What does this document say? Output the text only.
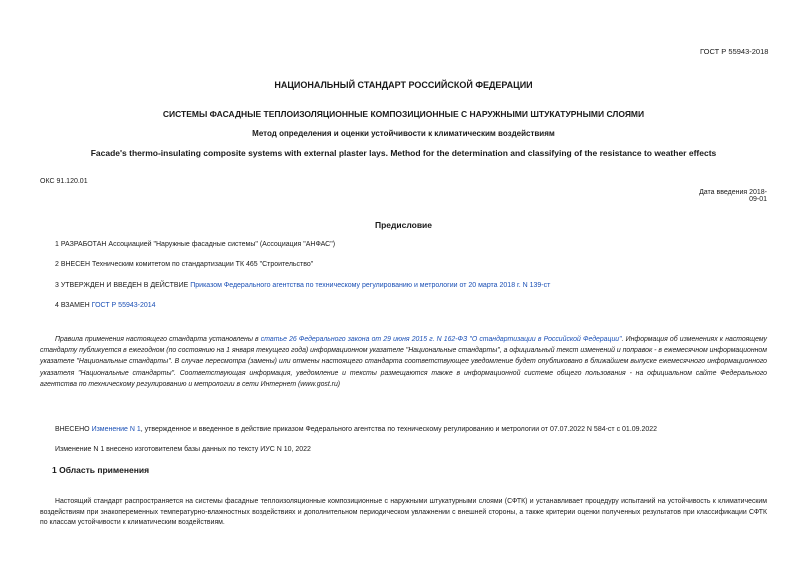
ГОСТ Р 55943-2018
НАЦИОНАЛЬНЫЙ СТАНДАРТ РОССИЙСКОЙ ФЕДЕРАЦИИ
СИСТЕМЫ ФАСАДНЫЕ ТЕПЛОИЗОЛЯЦИОННЫЕ КОМПОЗИЦИОННЫЕ С НАРУЖНЫМИ ШТУКАТУРНЫМИ СЛОЯМИ
Метод определения и оценки устойчивости к климатическим воздействиям
Facade's thermo-insulating composite systems with external plaster lays. Method for the determination and classifying of the resistance to weather effects
ОКС 91.120.01
Дата введения 2018-09-01
Предисловие
1 РАЗРАБОТАН Ассоциацией "Наружные фасадные системы" (Ассоциация "АНФАС")
2 ВНЕСЕН Техническим комитетом по стандартизации ТК 465 "Строительство"
3 УТВЕРЖДЕН И ВВЕДЕН В ДЕЙСТВИЕ Приказом Федерального агентства по техническому регулированию и метрологии от 20 марта 2018 г. N 139-ст
4 ВЗАМЕН ГОСТ Р 55943-2014
Правила применения настоящего стандарта установлены в статье 26 Федерального закона от 29 июня 2015 г. N 162-ФЗ "О стандартизации в Российской Федерации". Информация об изменениях к настоящему стандарту публикуется в ежегодном (по состоянию на 1 января текущего года) информационном указателе "Национальные стандарты", а официальный текст изменений и поправок - в ежемесячном информационном указателе "Национальные стандарты". В случае пересмотра (замены) или отмены настоящего стандарта соответствующее уведомление будет опубликовано в ближайшем выпуске ежемесячного информационного указателя "Национальные стандарты". Соответствующая информация, уведомление и тексты размещаются также в информационной системе общего пользования - на официальном сайте Федерального агентства по техническому регулированию и метрологии в сети Интернет (www.gost.ru)
ВНЕСЕНО Изменение N 1, утвержденное и введенное в действие приказом Федерального агентства по техническому регулированию и метрологии от 07.07.2022 N 584-ст с 01.09.2022
Изменение N 1 внесено изготовителем базы данных по тексту ИУС N 10, 2022
1 Область применения
Настоящий стандарт распространяется на системы фасадные теплоизоляционные композиционные с наружными штукатурными слоями (СФТК) и устанавливает процедуру испытаний на устойчивость к климатическим воздействиям при знакопеременных температурно-влажностных воздействиях и дополнительном периодическом увлажнении с внешней стороны, а также критерии оценки полученных результатов при классификации СФТК по классам устойчивости к климатическим воздействиям.
